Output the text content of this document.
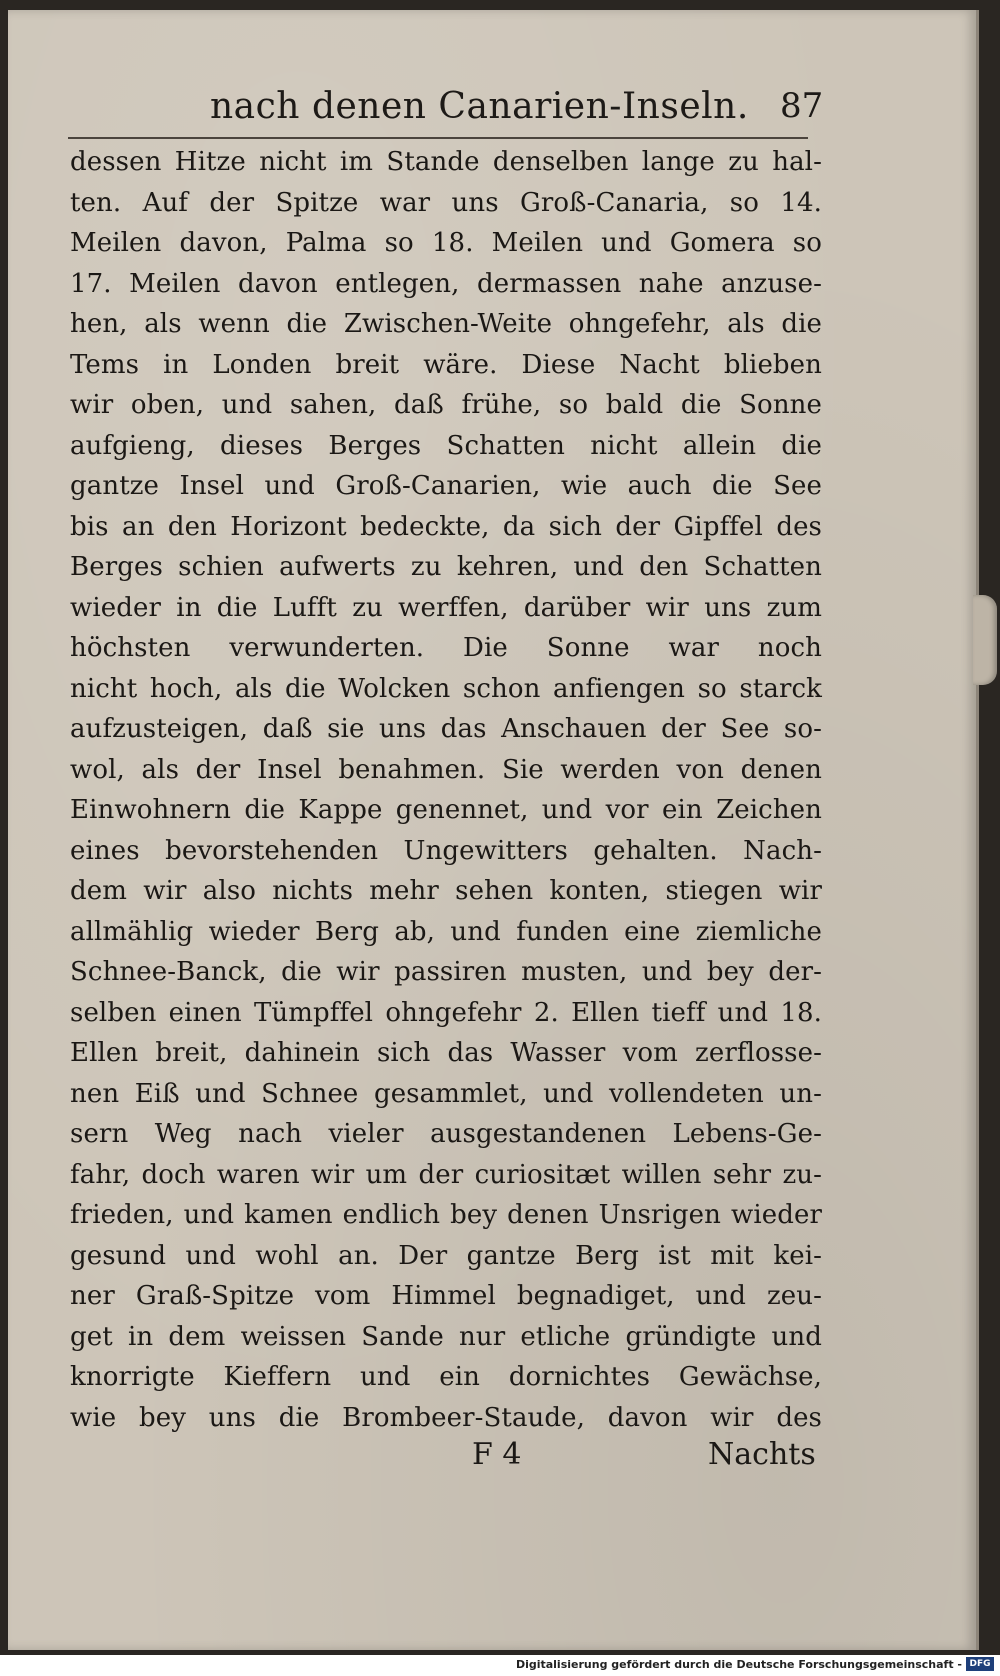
nach denen Canarien-Inseln. 87
dessen Hitze nicht im Stande denselben lange zu hal-
ten. Auf der Spitze war uns Groß-Canaria, so 14.
Meilen davon, Palma so 18. Meilen und Gomera so
17. Meilen davon entlegen, dermassen nahe anzuse-
hen, als wenn die Zwischen-Weite ohngefehr, als die
Tems in Londen breit wäre. Diese Nacht blieben
wir oben, und sahen, daß frühe, so bald die Sonne
aufgieng, dieses Berges Schatten nicht allein die
gantze Insel und Groß-Canarien, wie auch die See
bis an den Horizont bedeckte, da sich der Gipffel des
Berges schien aufwerts zu kehren, und den Schatten
wieder in die Lufft zu werffen, darüber wir uns zum
höchsten verwunderten. Die Sonne war noch
nicht hoch, als die Wolcken schon anfiengen so starck
aufzusteigen, daß sie uns das Anschauen der See so-
wol, als der Insel benahmen. Sie werden von denen
Einwohnern die Kappe genennet, und vor ein Zeichen
eines bevorstehenden Ungewitters gehalten. Nach-
dem wir also nichts mehr sehen konten, stiegen wir
allmählig wieder Berg ab, und funden eine ziemliche
Schnee-Banck, die wir passiren musten, und bey der-
selben einen Tümpffel ohngefehr 2. Ellen tieff und 18.
Ellen breit, dahinein sich das Wasser vom zerflosse-
nen Eiß und Schnee gesammlet, und vollendeten un-
sern Weg nach vieler ausgestandenen Lebens-Ge-
fahr, doch waren wir um der curiositæt willen sehr zu-
frieden, und kamen endlich bey denen Unsrigen wieder
gesund und wohl an. Der gantze Berg ist mit kei-
ner Graß-Spitze vom Himmel begnadiget, und zeu-
get in dem weissen Sande nur etliche gründigte und
knorrigte Kieffern und ein dornichtes Gewächse,
wie bey uns die Brombeer-Staude, davon wir des
F 4	Nachts
Digitalisierung gefördert durch die Deutsche Forschungsgemeinschaft - DFG
